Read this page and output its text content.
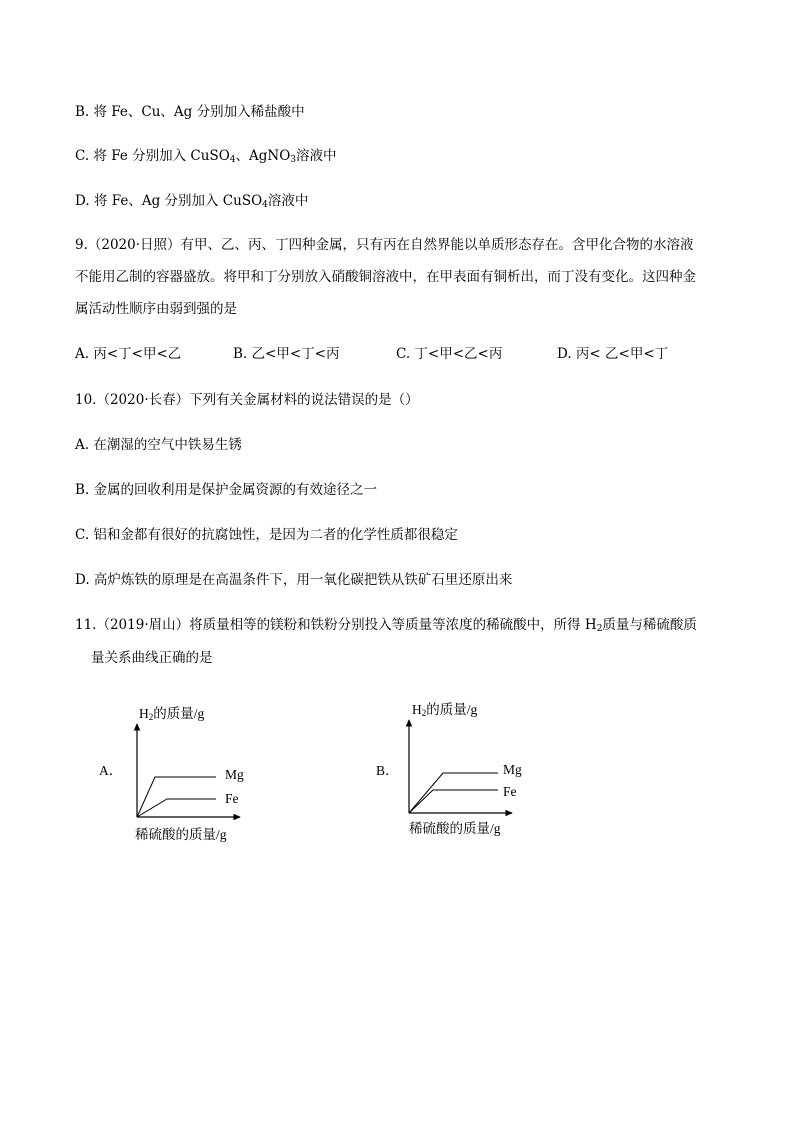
B. 将 Fe、Cu、Ag 分别加入稀盐酸中
C. 将 Fe 分别加入 CuSO$_4$、AgNO$_3$溶液中
D. 将 Fe、Ag 分别加入 CuSO$_4$溶液中
9.（2020·日照）有甲、乙、丙、丁四种金属，只有丙在自然界能以单质形态存在。含甲化合物的水溶液
不能用乙制的容器盛放。将甲和丁分别放入硝酸铜溶液中，在甲表面有铜析出，而丁没有变化。这四种金
属活动性顺序由弱到强的是
A. 丙<丁<甲<乙	B. 乙<甲<丁<丙	C. 丁<甲<乙<丙	D. 丙< 乙<甲<丁
10.（2020·长春）下列有关金属材料的说法错误的是（）
A. 在潮湿的空气中铁易生锈
B. 金属的回收利用是保护金属资源的有效途径之一
C. 铝和金都有很好的抗腐蚀性，是因为二者的化学性质都很稳定
D. 高炉炼铁的原理是在高温条件下，用一氧化碳把铁从铁矿石里还原出来
11.（2019·眉山）将质量相等的镁粉和铁粉分别投入等质量等浓度的稀硫酸中，所得 $H_2$质量与稀硫酸质
量关系曲线正确的是
A．
$H_2$的质量/g
Mg
Fe
稀硫酸的质量/g
B．
$H_2$的质量/g
Mg
Fe
稀硫酸的质量/g
